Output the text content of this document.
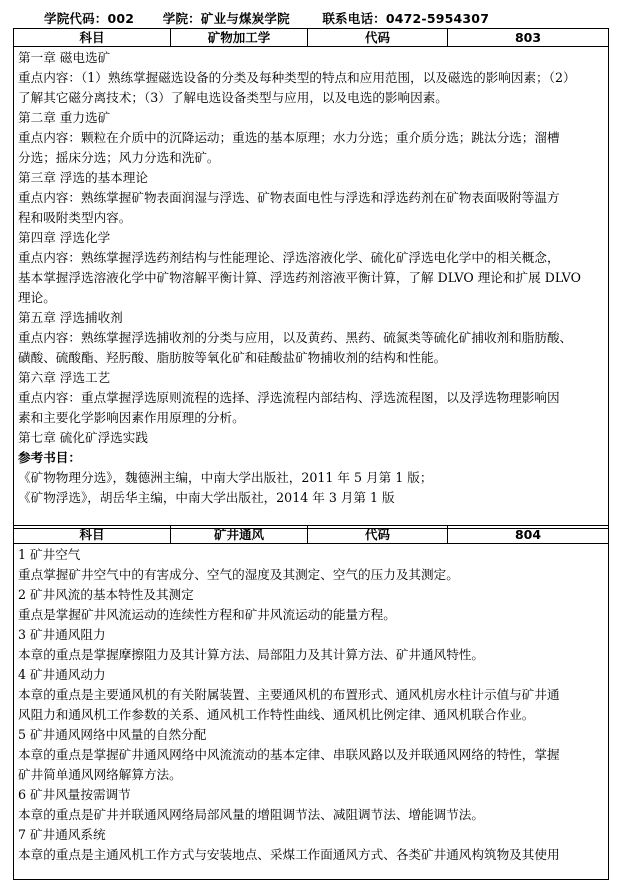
学院代码：002 学院：矿业与煤炭学院	联系电话：0472-5954307
科目	矿物加工学	代码	803

第一章 磁电选矿
重点内容：（1）熟练掌握磁选设备的分类及每种类型的特点和应用范围，以及磁选的影响因素；（2）
了解其它磁分离技术；（3）了解电选设备类型与应用，以及电选的影响因素。
第二章 重力选矿
重点内容：颗粒在介质中的沉降运动；重选的基本原理；水力分选；重介质分选；跳汰分选；溜槽
分选；摇床分选；风力分选和洗矿。
第三章 浮选的基本理论
重点内容：熟练掌握矿物表面润湿与浮选、矿物表面电性与浮选和浮选药剂在矿物表面吸附等温方
程和吸附类型内容。
第四章 浮选化学
重点内容：熟练掌握浮选药剂结构与性能理论、浮选溶液化学、硫化矿浮选电化学中的相关概念，
基本掌握浮选溶液化学中矿物溶解平衡计算、浮选药剂溶液平衡计算，了解 DLVO 理论和扩展 DLVO
理论。
第五章 浮选捕收剂
重点内容：熟练掌握浮选捕收剂的分类与应用，以及黄药、黑药、硫氮类等硫化矿捕收剂和脂肪酸、
磺酸、硫酸酯、羟肟酸、脂肪胺等氧化矿和硅酸盐矿物捕收剂的结构和性能。
第六章 浮选工艺
重点内容：重点掌握浮选原则流程的选择、浮选流程内部结构、浮选流程图，以及浮选物理影响因
素和主要化学影响因素作用原理的分析。
第七章 硫化矿浮选实践
参考书目：
《矿物物理分选》，魏德洲主编，中南大学出版社，2011 年 5 月第 1 版；
《矿物浮选》，胡岳华主编，中南大学出版社，2014 年 3 月第 1 版
科目	矿井通风	代码	804

1 矿井空气
重点掌握矿井空气中的有害成分、空气的湿度及其测定、空气的压力及其测定。
2 矿井风流的基本特性及其测定
重点是掌握矿井风流运动的连续性方程和矿井风流运动的能量方程。
3 矿井通风阻力
本章的重点是掌握摩擦阻力及其计算方法、局部阻力及其计算方法、矿井通风特性。
4 矿井通风动力
本章的重点是主要通风机的有关附属装置、主要通风机的布置形式、通风机房水柱计示值与矿井通
风阻力和通风机工作参数的关系、通风机工作特性曲线、通风机比例定律、通风机联合作业。
5 矿井通风网络中风量的自然分配
本章的重点是掌握矿井通风网络中风流流动的基本定律、串联风路以及并联通风网络的特性，掌握
矿井简单通风网络解算方法。
6 矿井风量按需调节
本章的重点是矿井并联通风网络局部风量的增阻调节法、减阻调节法、增能调节法。
7 矿井通风系统
本章的重点是主通风机工作方式与安装地点、采煤工作面通风方式、各类矿井通风构筑物及其使用
